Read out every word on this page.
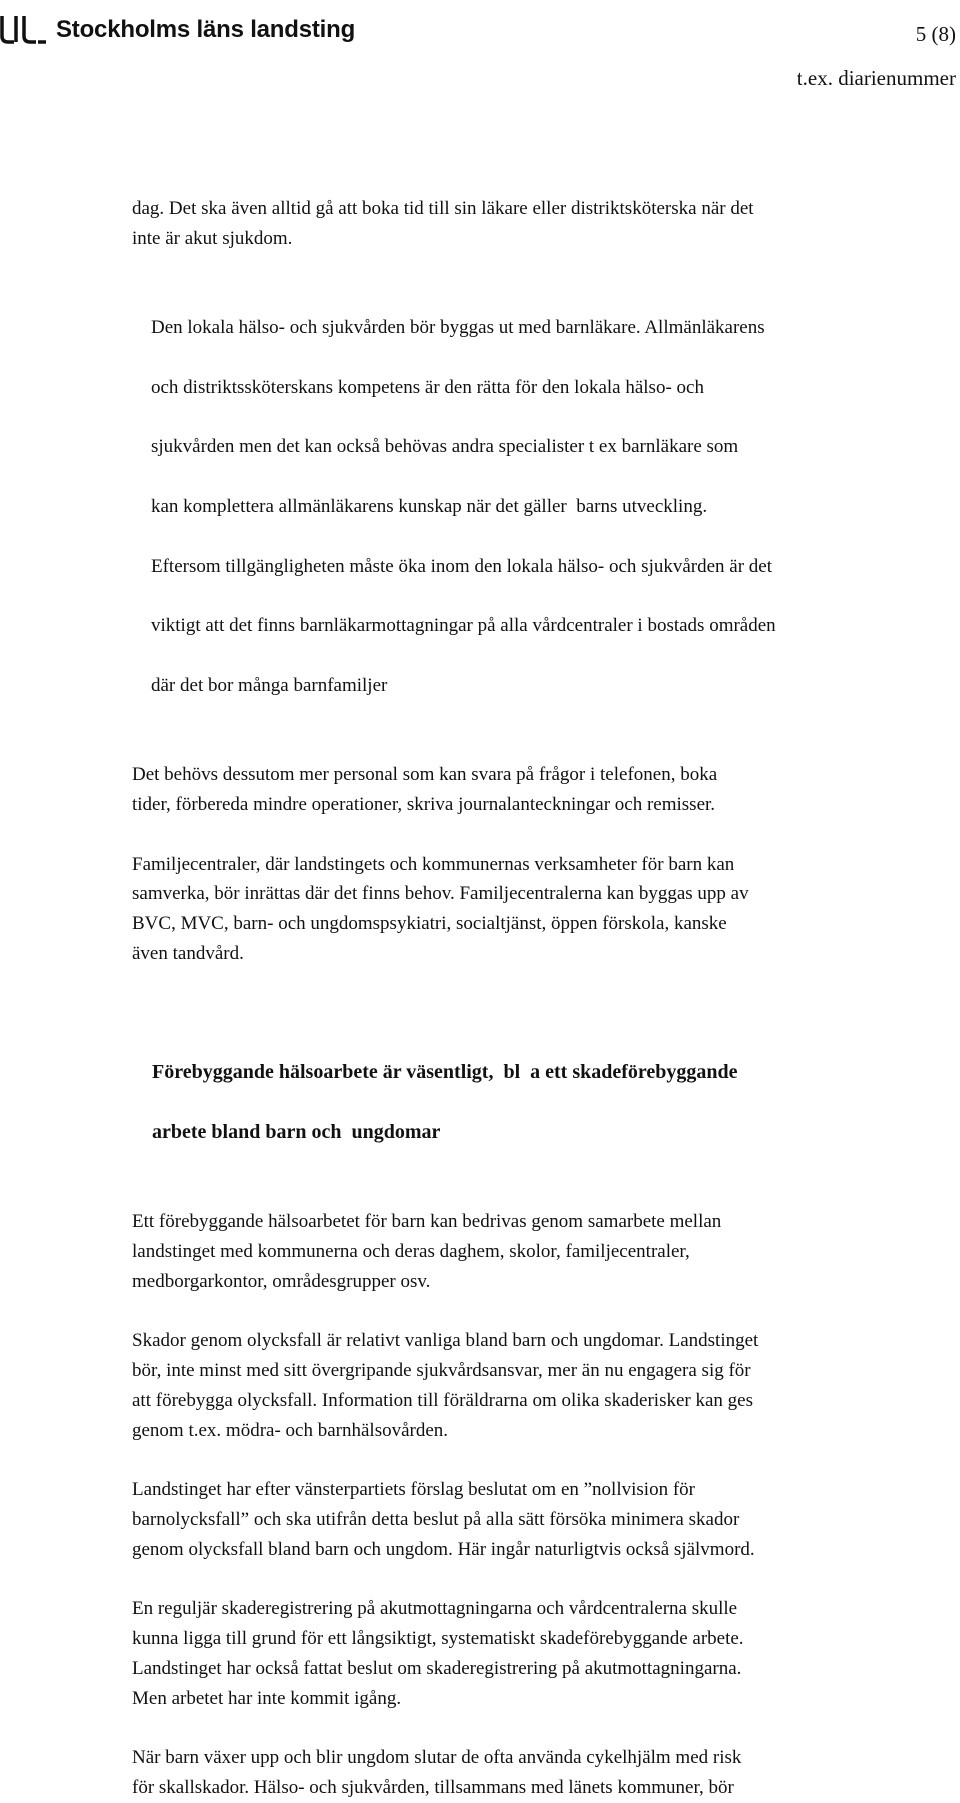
Stockholms läns landsting	5 (8)
t.ex. diarienummer

dag. Det ska även alltid gå att boka tid till sin läkare eller distriktsköterska när det
inte är akut sjukdom.

Den lokala hälso- och sjukvården bör byggas ut med barnläkare. Allmänläkarens

och distriktssköterskans kompetens är den rätta för den lokala hälso- och

sjukvården men det kan också behövas andra specialister t ex barnläkare som

kan komplettera allmänläkarens kunskap när det gäller  barns utveckling.

Eftersom tillgängligheten måste öka inom den lokala hälso- och sjukvården är det

viktigt att det finns barnläkarmottagningar på alla vårdcentraler i bostads områden

där det bor många barnfamiljer

Det behövs dessutom mer personal som kan svara på frågor i telefonen, boka
tider, förbereda mindre operationer, skriva journalanteckningar och remisser.

Familjecentraler, där landstingets och kommunernas verksamheter för barn kan
samverka, bör inrättas där det finns behov. Familjecentralerna kan byggas upp av
BVC, MVC, barn- och ungdomspsykiatri, socialtjänst, öppen förskola, kanske
även tandvård.

Förebyggande hälsoarbete är väsentligt,  bl  a ett skadeförebyggande

arbete bland barn och  ungdomar

Ett förebyggande hälsoarbetet för barn kan bedrivas genom samarbete mellan
landstinget med kommunerna och deras daghem, skolor, familjecentraler,
medborgarkontor, områdesgrupper osv.

Skador genom olycksfall är relativt vanliga bland barn och ungdomar. Landstinget
bör, inte minst med sitt övergripande sjukvårdsansvar, mer än nu engagera sig för
att förebygga olycksfall. Information till föräldrarna om olika skaderisker kan ges
genom t.ex. mödra- och barnhälsovården.

Landstinget har efter vänsterpartiets förslag beslutat om en ”nollvision för
barnolycksfall” och ska utifrån detta beslut på alla sätt försöka minimera skador
genom olycksfall bland barn och ungdom. Här ingår naturligtvis också självmord.

En reguljär skaderegistrering på akutmottagningarna och vårdcentralerna skulle
kunna ligga till grund för ett långsiktigt, systematiskt skadeförebyggande arbete.
Landstinget har också fattat beslut om skaderegistrering på akutmottagningarna.
Men arbetet har inte kommit igång.

När barn växer upp och blir ungdom slutar de ofta använda cykelhjälm med risk
för skallskador. Hälso- och sjukvården, tillsammans med länets kommuner, bör
